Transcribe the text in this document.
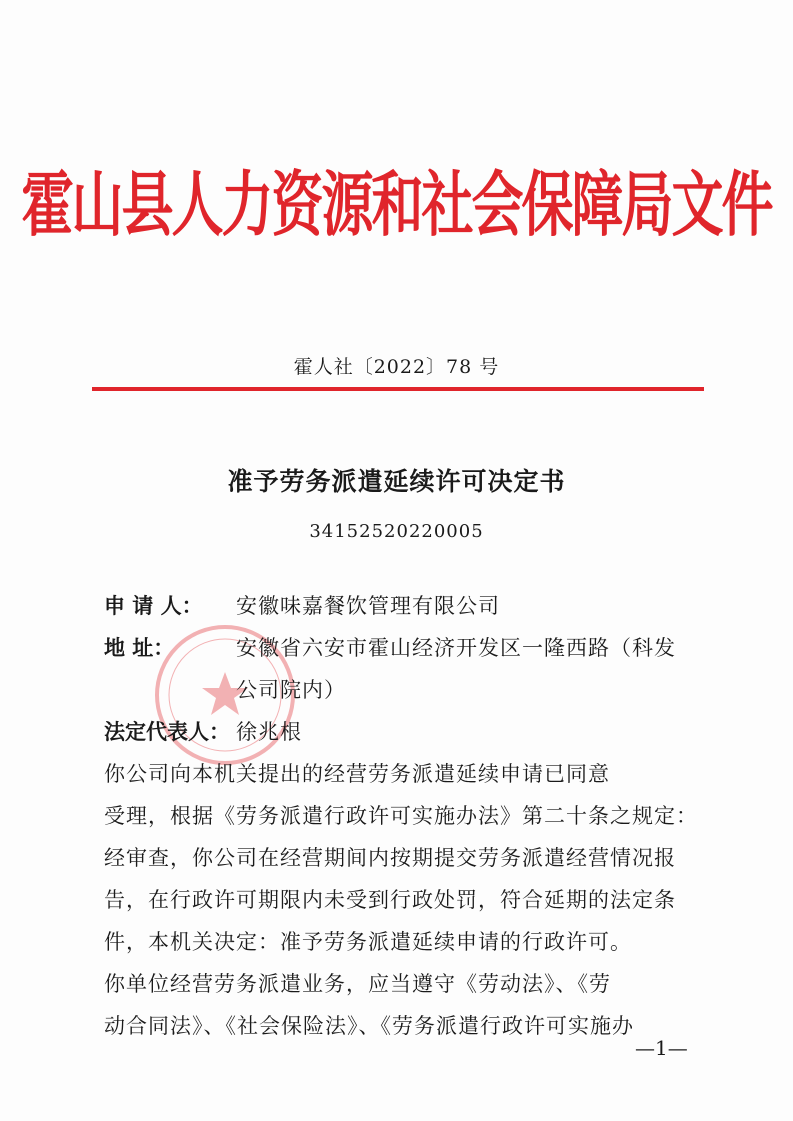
霍山县人力资源和社会保障局文件
霍人社〔2022〕78 号
准予劳务派遣延续许可决定书
34152520220005
申 请 人： 安徽味嘉餐饮管理有限公司
地 址：	安徽省六安市霍山经济开发区一隆西路（科发
公司院内）
法定代表人： 徐兆根
你公司向本机关提出的经营劳务派遣延续申请已同意
受理，根据《劳务派遣行政许可实施办法》第二十条之规定：
经审查，你公司在经营期间内按期提交劳务派遣经营情况报
告，在行政许可期限内未受到行政处罚，符合延期的法定条
件，本机关决定：准予劳务派遣延续申请的行政许可。
你单位经营劳务派遣业务，应当遵守《劳动法》、《劳
动合同法》、《社会保险法》、《劳务派遣行政许可实施办
—1—
